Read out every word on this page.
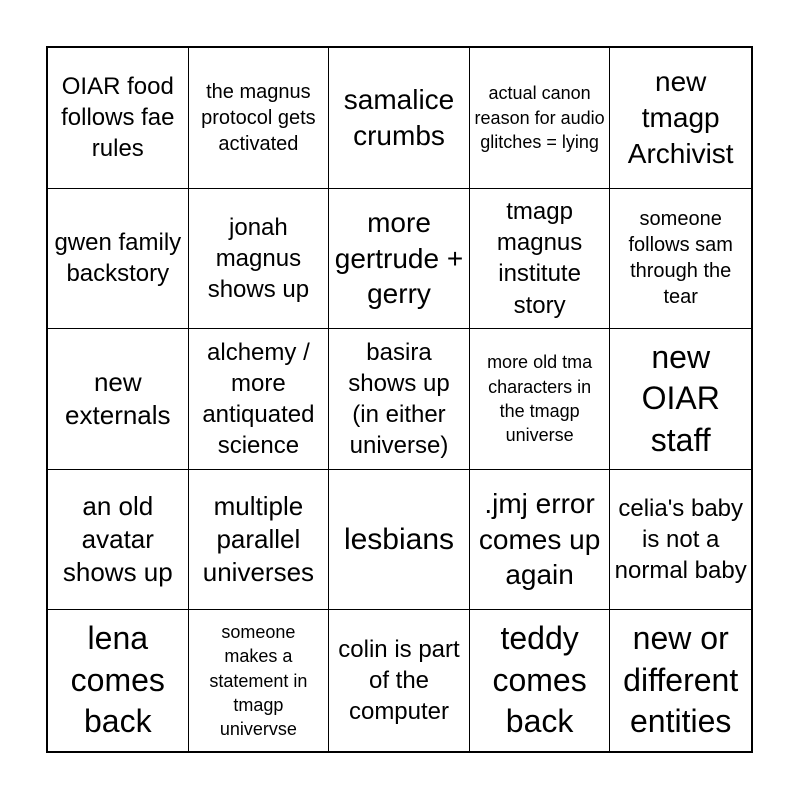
OIAR food follows fae rules
the magnus protocol gets activated
samalice crumbs
actual canon reason for audio glitches = lying
new tmagp Archivist
gwen family backstory
jonah magnus shows up
more gertrude + gerry
tmagp magnus institute story
someone follows sam through the tear
new externals
alchemy / more antiquated science
basira shows up (in either universe)
more old tma characters in the tmagp universe
new OIAR staff
an old avatar shows up
multiple parallel universes
lesbians
.jmj error comes up again
celia's baby is not a normal baby
lena comes back
someone makes a statement in tmagp univervse
colin is part of the computer
teddy comes back
new or different entities
